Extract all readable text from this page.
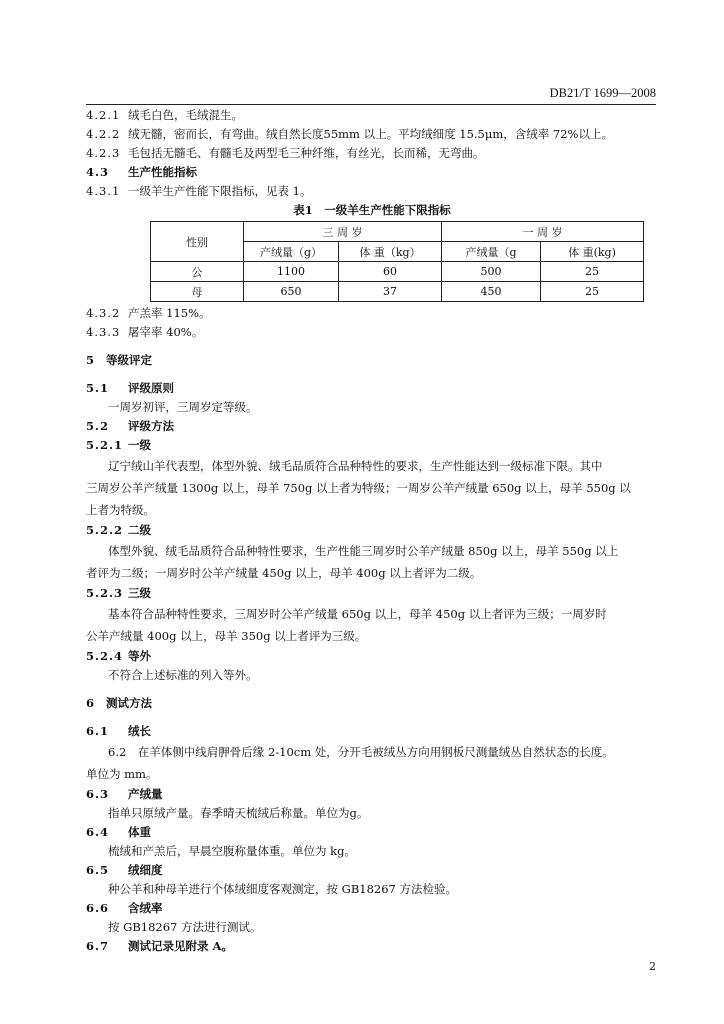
DB21/T 1699—2008
4.2.1 绒毛白色，毛绒混生。
4.2.2 绒无髓，密而长，有弯曲。绒自然长度55mm 以上。平均绒细度 15.5μm，含绒率 72%以上。
4.2.3 毛包括无髓毛、有髓毛及两型毛三种纤维，有丝光，长而稀，无弯曲。
4.3 生产性能指标
4.3.1 一级羊生产性能下限指标，见表 1。
表1　一级羊生产性能下限指标
性别	三 周 岁		一 周 岁	
	产绒量（g）	体 重（kg）	产绒量（g	体 重(kg)
公	1100	60	500	25
母	650	37	450	25
4.3.2 产羔率 115%。
4.3.3 屠宰率 40%。
5 等级评定
5.1 评级原则
一周岁初评，三周岁定等级。
5.2 评级方法
5.2.1 一级
辽宁绒山羊代表型，体型外貌、绒毛品质符合品种特性的要求，生产性能达到一级标准下限。其中
三周岁公羊产绒量 1300g 以上，母羊 750g 以上者为特级；一周岁公羊产绒量 650g 以上，母羊 550g 以
上者为特级。
5.2.2 二级
体型外貌、绒毛品质符合品种特性要求，生产性能三周岁时公羊产绒量 850g 以上，母羊 550g 以上
者评为二级；一周岁时公羊产绒量 450g 以上，母羊 400g 以上者评为二级。
5.2.3 三级
基本符合品种特性要求，三周岁时公羊产绒量 650g 以上，母羊 450g 以上者评为三级；一周岁时
公羊产绒量 400g 以上，母羊 350g 以上者评为三级。
5.2.4 等外
不符合上述标准的列入等外。
6 测试方法
6.1 绒长
6.2　在羊体侧中线肩胛骨后缘 2-10cm 处，分开毛被绒丛方向用钢板尺测量绒丛自然状态的长度。
单位为 mm。
6.3 产绒量
指单只原绒产量。春季晴天梳绒后称量。单位为g。
6.4 体重
梳绒和产羔后，早晨空腹称量体重。单位为 kg。
6.5 绒细度
种公羊和种母羊进行个体绒细度客观测定，按 GB18267 方法检验。
6.6 含绒率
按 GB18267 方法进行测试。
6.7 测试记录见附录 A。
2
